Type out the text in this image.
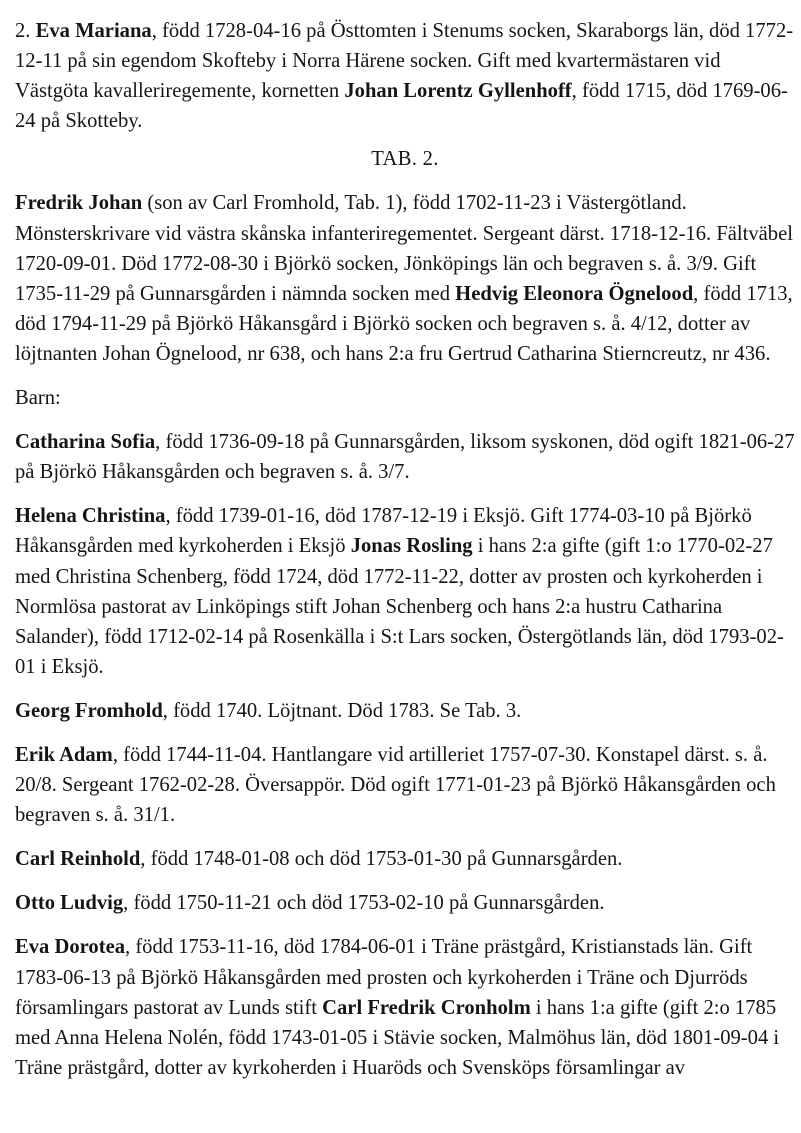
2. Eva Mariana, född 1728-04-16 på Östtomten i Stenums socken, Skaraborgs län, död 1772-12-11 på sin egendom Skofteby i Norra Härene socken. Gift med kvartermästaren vid Västgöta kavalleriregemente, kornetten Johan Lorentz Gyllenhoff, född 1715, död 1769-06-24 på Skotteby.

TAB. 2.

Fredrik Johan (son av Carl Fromhold, Tab. 1), född 1702-11-23 i Västergötland. Mönsterskrivare vid västra skånska infanteriregementet. Sergeant därst. 1718-12-16. Fältväbel 1720-09-01. Död 1772-08-30 i Björkö socken, Jönköpings län och begraven s. å. 3/9. Gift 1735-11-29 på Gunnarsgården i nämnda socken med Hedvig Eleonora Ögnelood, född 1713, död 1794-11-29 på Björkö Håkansgård i Björkö socken och begraven s. å. 4/12, dotter av löjtnanten Johan Ögnelood, nr 638, och hans 2:a fru Gertrud Catharina Stierncreutz, nr 436.

Barn:

Catharina Sofia, född 1736-09-18 på Gunnarsgården, liksom syskonen, död ogift 1821-06-27 på Björkö Håkansgården och begraven s. å. 3/7.

Helena Christina, född 1739-01-16, död 1787-12-19 i Eksjö. Gift 1774-03-10 på Björkö Håkansgården med kyrkoherden i Eksjö Jonas Rosling i hans 2:a gifte (gift 1:o 1770-02-27 med Christina Schenberg, född 1724, död 1772-11-22, dotter av prosten och kyrkoherden i Normlösa pastorat av Linköpings stift Johan Schenberg och hans 2:a hustru Catharina Salander), född 1712-02-14 på Rosenkälla i S:t Lars socken, Östergötlands län, död 1793-02-01 i Eksjö.

Georg Fromhold, född 1740. Löjtnant. Död 1783. Se Tab. 3.

Erik Adam, född 1744-11-04. Hantlangare vid artilleriet 1757-07-30. Konstapel därst. s. å. 20/8. Sergeant 1762-02-28. Översappör. Död ogift 1771-01-23 på Björkö Håkansgården och begraven s. å. 31/1.

Carl Reinhold, född 1748-01-08 och död 1753-01-30 på Gunnarsgården.

Otto Ludvig, född 1750-11-21 och död 1753-02-10 på Gunnarsgården.

Eva Dorotea, född 1753-11-16, död 1784-06-01 i Träne prästgård, Kristianstads län. Gift 1783-06-13 på Björkö Håkansgården med prosten och kyrkoherden i Träne och Djurröds församlingars pastorat av Lunds stift Carl Fredrik Cronholm i hans 1:a gifte (gift 2:o 1785 med Anna Helena Nolén, född 1743-01-05 i Stävie socken, Malmöhus län, död 1801-09-04 i Träne prästgård, dotter av kyrkoherden i Huaröds och Svensköps församlingar av
